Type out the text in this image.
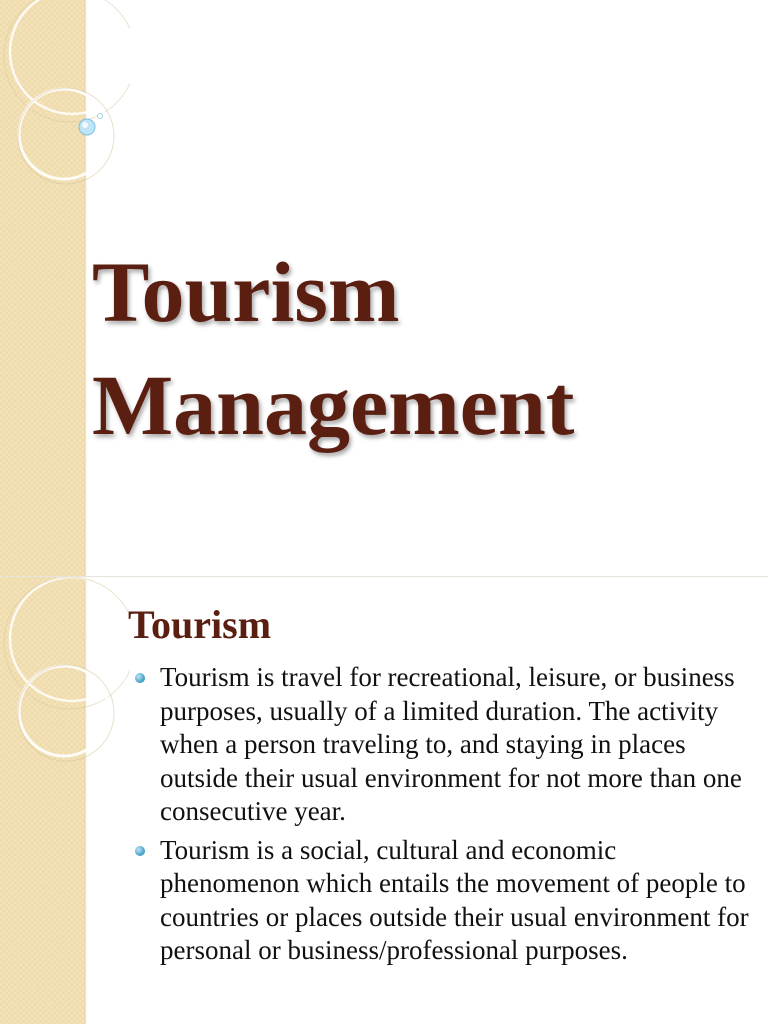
Tourism
Management
Tourism
Tourism is travel for recreational, leisure, or business purposes, usually of a limited duration. The activity when a person traveling to, and staying in places outside their usual environment for not more than one consecutive year.
Tourism is a social, cultural and economic phenomenon which entails the movement of people to countries or places outside their usual environment for personal or business/professional purposes.
